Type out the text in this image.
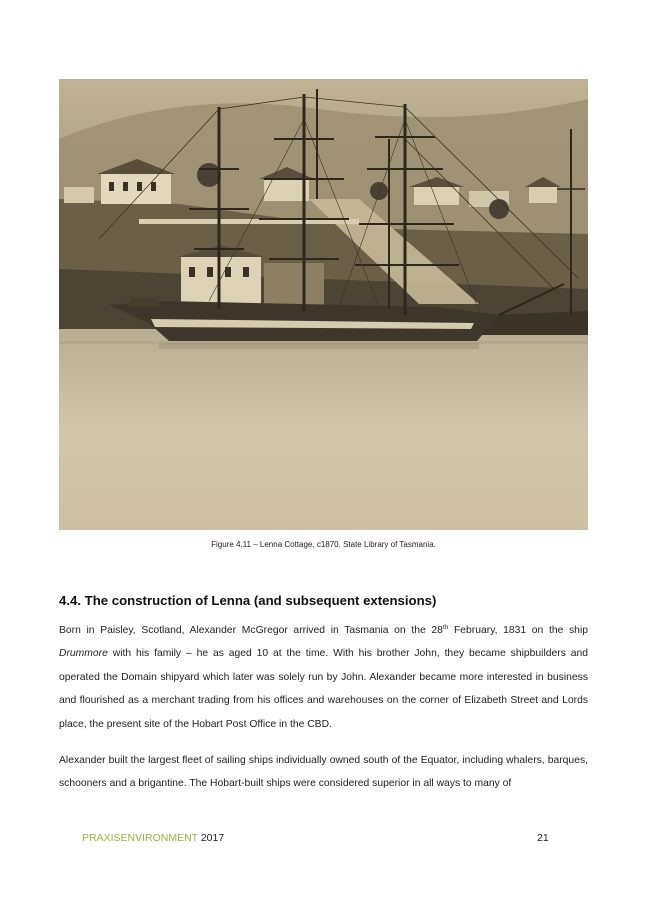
Figure 4.11 – Lenna Cottage, c1870. State Library of Tasmania.
4.4. The construction of Lenna (and subsequent extensions)

Born in Paisley, Scotland, Alexander McGregor arrived in Tasmania on the 28th February, 1831 on the ship Drummore with his family – he as aged 10 at the time. With his brother John, they became shipbuilders and operated the Domain shipyard which later was solely run by John. Alexander became more interested in business and flourished as a merchant trading from his offices and warehouses on the corner of Elizabeth Street and Lords place, the present site of the Hobart Post Office in the CBD.

Alexander built the largest fleet of sailing ships individually owned south of the Equator, including whalers, barques, schooners and a brigantine. The Hobart-built ships were considered superior in all ways to many of

PRAXISENVIRONMENT 2017	21
